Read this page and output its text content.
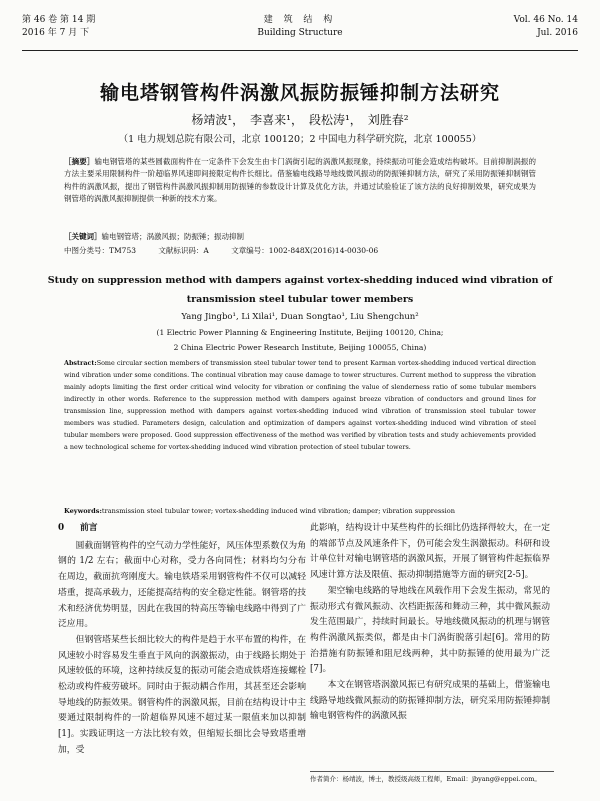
第 46 卷 第 14 期
2016 年 7 月 下
建 筑 结 构
Building Structure
Vol. 46 No. 14
Jul. 2016
输电塔钢管构件涡激风振防振锤抑制方法研究
杨靖波¹，　李喜来¹，　段松涛¹，　刘胜春²
（1 电力规划总院有限公司，北京 100120；2 中国电力科学研究院，北京 100055）
［摘要］输电钢管塔的某些圆截面构件在一定条件下会发生由卡门涡街引起的涡激风振现象，持续振动可能会造成结构破坏。目前抑制涡振的方法主要采用限制构件一阶超临界风速即间接限定构件长细比。借鉴输电线路导地线微风振动的防振锤抑制方法，研究了采用防振锤抑制钢管构件的涡激风振，提出了钢管构件涡激风振抑制用防振锤的参数设计计算及优化方法，并通过试验验证了该方法的良好抑制效果，研究成果为钢管塔的涡激风振抑制提供一种新的技术方案。
［关键词］输电钢管塔；涡激风振；防振锤；振动抑制
中图分类号：TM753	文献标识码：A	文章编号：1002-848X(2016)14-0030-06
Study on suppression method with dampers against vortex-shedding induced wind vibration of transmission steel tubular tower members
Yang Jingbo¹, Li Xilai¹, Duan Songtao¹, Liu Shengchun²
(1 Electric Power Planning & Engineering Institute, Beijing 100120, China;
2 China Electric Power Research Institute, Beijing 100055, China)
Abstract:Some circular section members of transmission steel tubular tower tend to present Karman vortex-shedding induced vertical direction wind vibration under some conditions. The continual vibration may cause damage to tower structures. Current method to suppress the vibration mainly adopts limiting the first order critical wind velocity for vibration or confining the value of slenderness ratio of some tubular members indirectly in other words. Reference to the suppression method with dampers against breeze vibration of conductors and ground lines for transmission line, suppression method with dampers against vortex-shedding induced wind vibration of transmission steel tubular tower members was studied. Parameters design, calculation and optimization of dampers against vortex-shedding induced wind vibration of steel tubular members were proposed. Good suppression effectiveness of the method was verified by vibration tests and study achievements provided a new technological scheme for vortex-shedding induced wind vibration protection of steel tubular towers.
Keywords:transmission steel tubular tower; vortex-shedding induced wind vibration; damper; vibration suppression
0 前言

圆截面钢管构件的空气动力学性能好，风压体型系数仅为角钢的 1/2 左右；截面中心对称，受力各向同性；材料均匀分布在周边，截面抗弯刚度大。输电铁塔采用钢管构件不仅可以减轻塔重，提高承载力，还能提高结构的安全稳定性能。钢管塔的技术和经济优势明显，因此在我国的特高压等输电线路中得到了广泛应用。

但钢管塔某些长细比较大的构件是趋于水平布置的构件，在风速较小时容易发生垂直于风向的涡激振动，由于线路长期处于风速较低的环境，这种持续反复的振动可能会造成铁塔连接螺栓松动或构件疲劳破坏。同时由于振动耦合作用，其甚至还会影响导地线的防振效果。钢管构件的涡激风振，目前在结构设计中主要通过限制构件的一阶超临界风速不超过某一限值来加以抑制[1]。实践证明这一方法比较有效，但缩短长细比会导致塔重增加，受

此影响，结构设计中某些构件的长细比仍选择得较大，在一定的端部节点及风速条件下，仍可能会发生涡激振动。科研和设计单位针对输电钢管塔的涡激风振，开展了钢管构件起振临界风速计算方法及限值、振动抑制措施等方面的研究[2-5]。

架空输电线路的导地线在风载作用下会发生振动，常见的振动形式有微风振动、次档距振荡和舞动三种，其中微风振动发生范围最广，持续时间最长。导地线微风振动的机理与钢管构件涡激风振类似，都是由卡门涡街脱落引起[6]。常用的防治措施有防振锤和阻尼线两种，其中防振锤的使用最为广泛[7]。

本文在钢管塔涡激风振已有研究成果的基础上，借鉴输电线路导地线微风振动的防振锤抑制方法，研究采用防振锤抑制输电钢管构件的涡激风振

作者简介：杨靖波，博士，教授级高级工程师，Email：jbyang@eppei.com。
